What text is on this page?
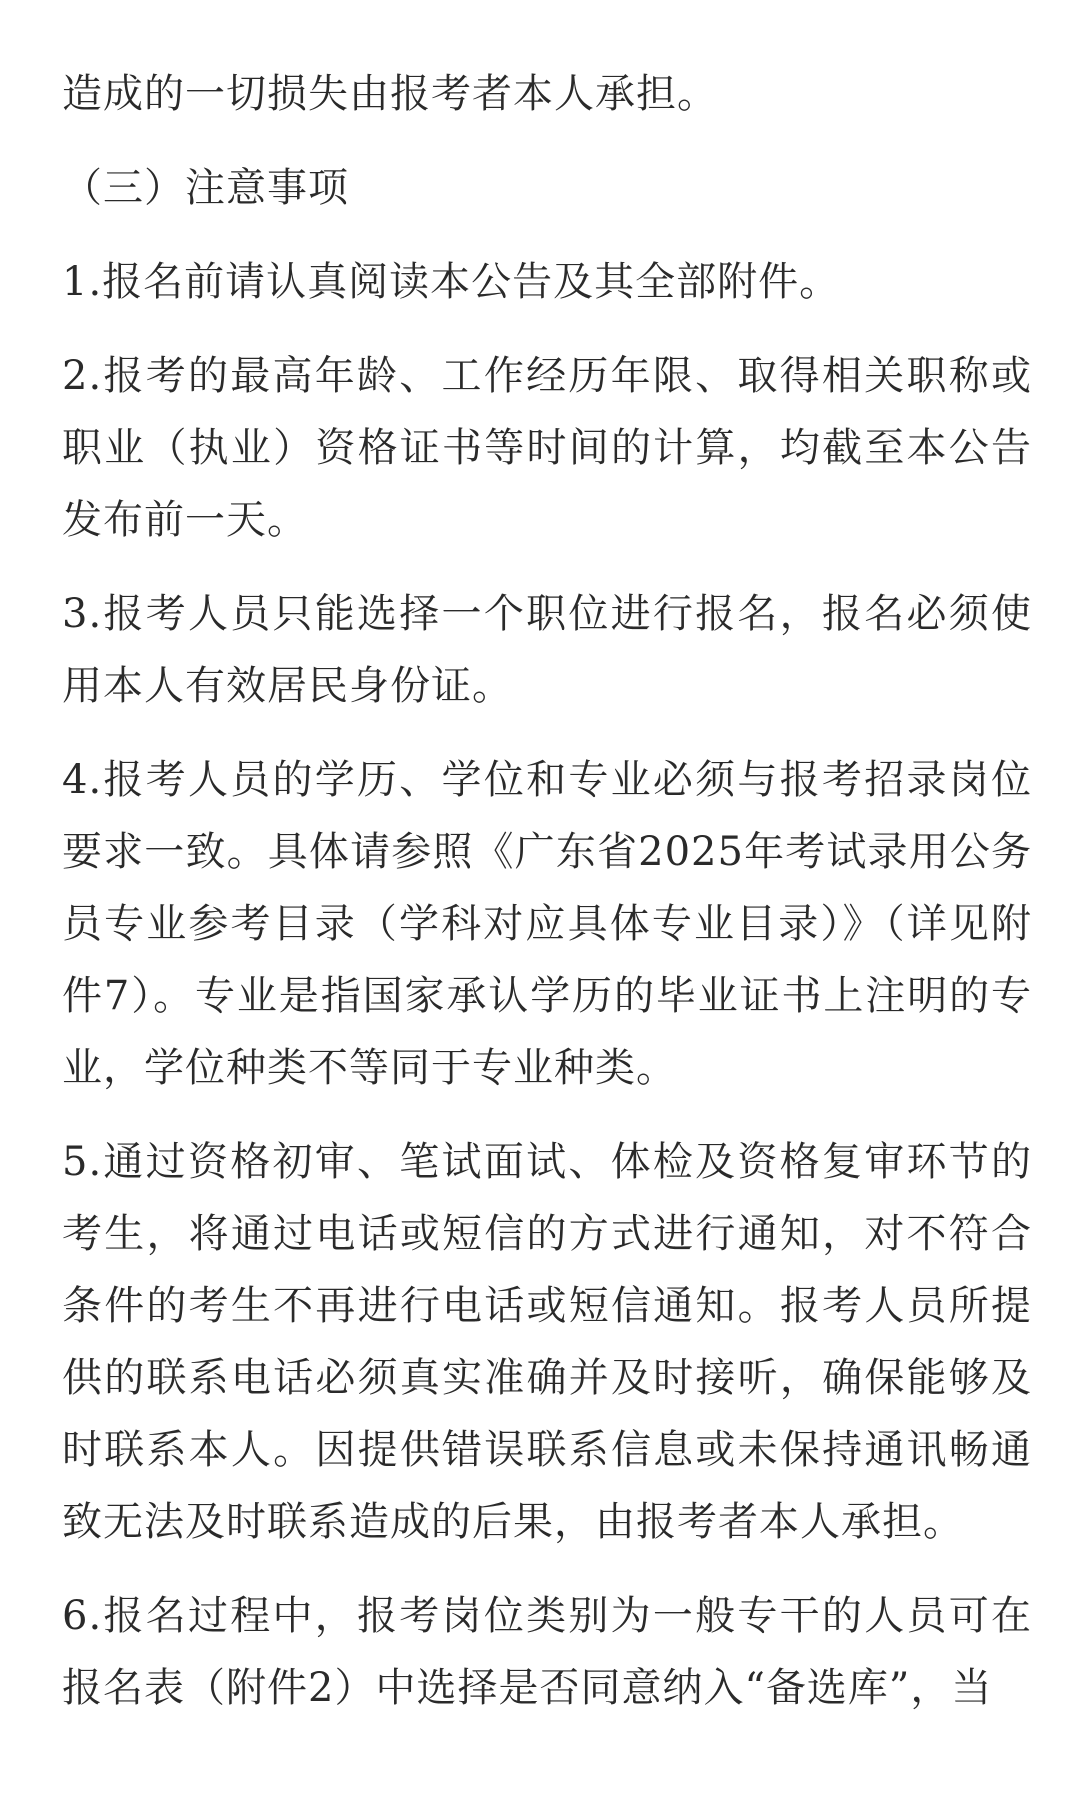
造成的一切损失由报考者本人承担。

（三）注意事项

1.报名前请认真阅读本公告及其全部附件。

2.报考的最高年龄、工作经历年限、取得相关职称或职业（执业）资格证书等时间的计算，均截至本公告发布前一天。

3.报考人员只能选择一个职位进行报名，报名必须使用本人有效居民身份证。

4.报考人员的学历、学位和专业必须与报考招录岗位要求一致。具体请参照《广东省2025年考试录用公务员专业参考目录（学科对应具体专业目录）》（详见附件7）。专业是指国家承认学历的毕业证书上注明的专业，学位种类不等同于专业种类。

5.通过资格初审、笔试面试、体检及资格复审环节的考生，将通过电话或短信的方式进行通知，对不符合条件的考生不再进行电话或短信通知。报考人员所提供的联系电话必须真实准确并及时接听，确保能够及时联系本人。因提供错误联系信息或未保持通讯畅通致无法及时联系造成的后果，由报考者本人承担。

6.报名过程中，报考岗位类别为一般专干的人员可在报名表（附件2）中选择是否同意纳入“备选库”，当
